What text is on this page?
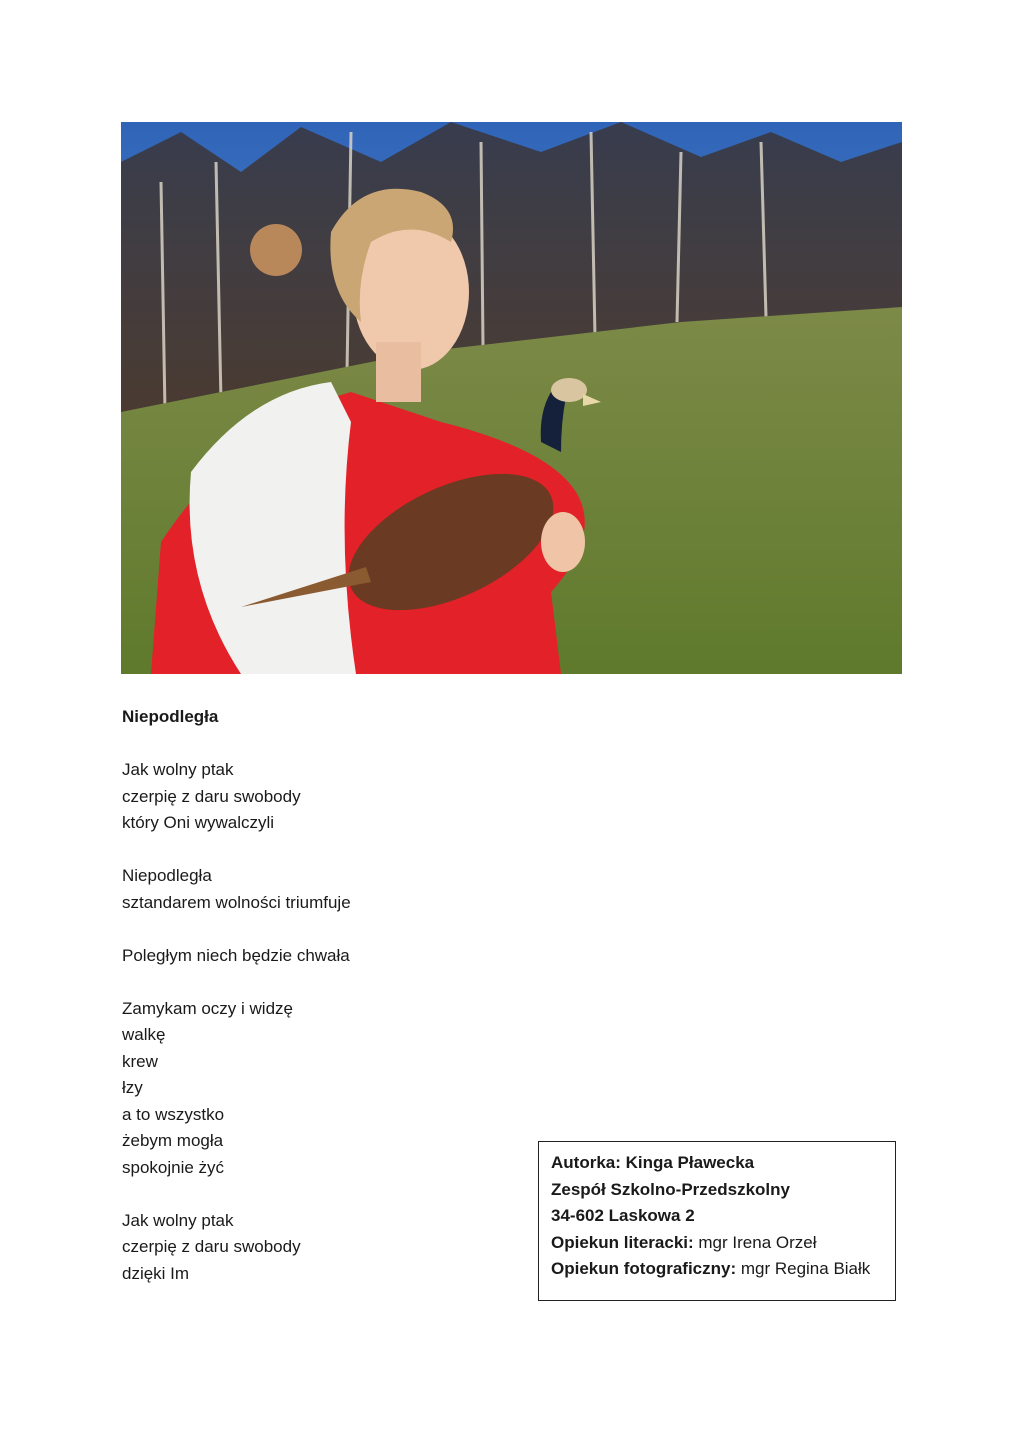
Niepodległa
Jak wolny ptak
czerpię z daru swobody
który Oni wywalczyli
Niepodległa
sztandarem wolności triumfuje
Poległym niech będzie chwała
Zamykam oczy i widzę
walkę
krew
łzy
a to wszystko
żebym mogła
spokojnie żyć
Jak wolny ptak
czerpię z daru swobody
dzięki Im
Autorka: Kinga Pławecka
Zespół Szkolno-Przedszkolny
34-602 Laskowa 2
Opiekun literacki: mgr Irena Orzeł
Opiekun fotograficzny: mgr Regina Białk
